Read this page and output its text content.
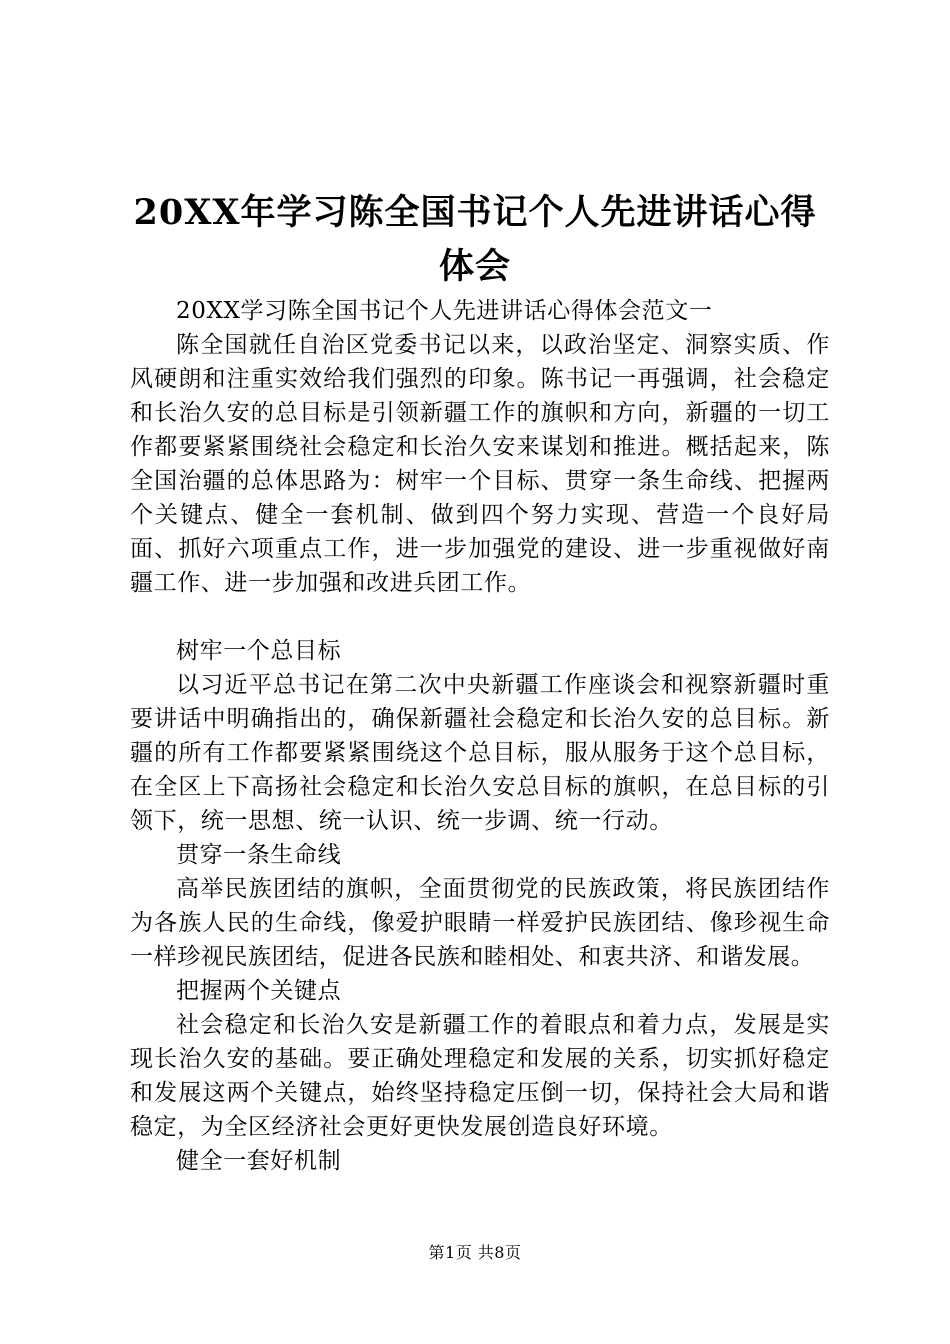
20XX年学习陈全国书记个人先进讲话心得体会

20XX学习陈全国书记个人先进讲话心得体会范文一

陈全国就任自治区党委书记以来，以政治坚定、洞察实质、作风硬朗和注重实效给我们强烈的印象。陈书记一再强调，社会稳定和长治久安的总目标是引领新疆工作的旗帜和方向，新疆的一切工作都要紧紧围绕社会稳定和长治久安来谋划和推进。概括起来，陈全国治疆的总体思路为：树牢一个目标、贯穿一条生命线、把握两个关键点、健全一套机制、做到四个努力实现、营造一个良好局面、抓好六项重点工作，进一步加强党的建设、进一步重视做好南疆工作、进一步加强和改进兵团工作。

树牢一个总目标

以习近平总书记在第二次中央新疆工作座谈会和视察新疆时重要讲话中明确指出的，确保新疆社会稳定和长治久安的总目标。新疆的所有工作都要紧紧围绕这个总目标，服从服务于这个总目标，在全区上下高扬社会稳定和长治久安总目标的旗帜，在总目标的引领下，统一思想、统一认识、统一步调、统一行动。

贯穿一条生命线

高举民族团结的旗帜，全面贯彻党的民族政策，将民族团结作为各族人民的生命线，像爱护眼睛一样爱护民族团结、像珍视生命一样珍视民族团结，促进各民族和睦相处、和衷共济、和谐发展。

把握两个关键点

社会稳定和长治久安是新疆工作的着眼点和着力点，发展是实现长治久安的基础。要正确处理稳定和发展的关系，切实抓好稳定和发展这两个关键点，始终坚持稳定压倒一切，保持社会大局和谐稳定，为全区经济社会更好更快发展创造良好环境。

健全一套好机制

第1页 共8页
